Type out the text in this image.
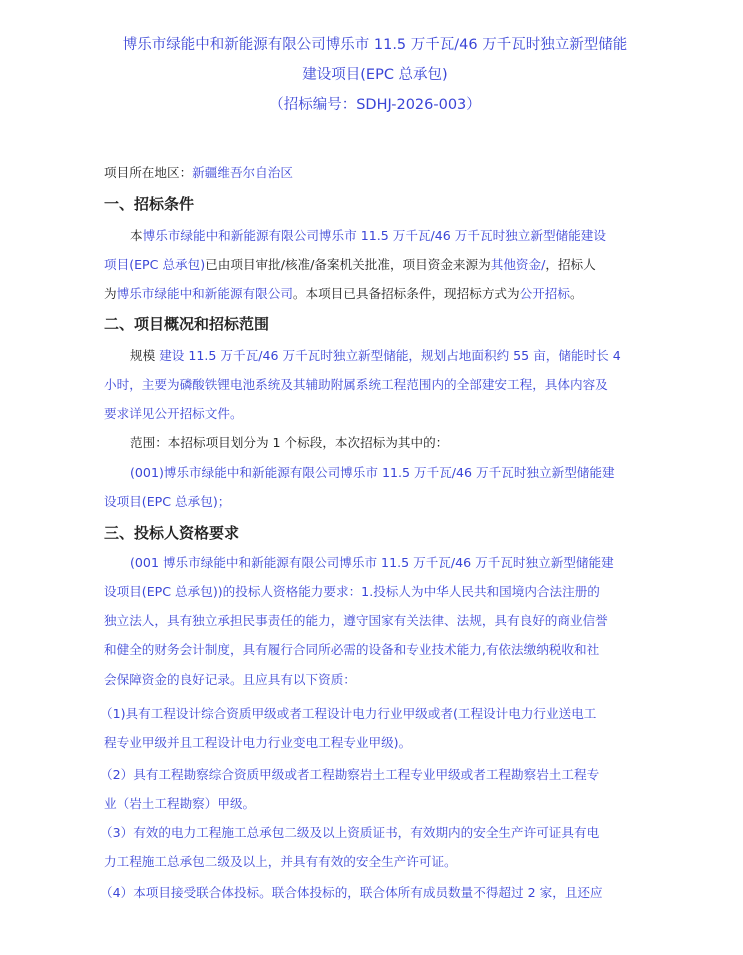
博乐市绿能中和新能源有限公司博乐市 11.5 万千瓦/46 万千瓦时独立新型储能
建设项目(EPC 总承包)
（招标编号：SDHJ-2026-003）
项目所在地区：新疆维吾尔自治区
一、招标条件
本博乐市绿能中和新能源有限公司博乐市 11.5 万千瓦/46 万千瓦时独立新型储能建设
项目(EPC 总承包)已由项目审批/核准/备案机关批准，项目资金来源为其他资金/，招标人
为博乐市绿能中和新能源有限公司。本项目已具备招标条件，现招标方式为公开招标。
二、项目概况和招标范围
规模 建设 11.5 万千瓦/46 万千瓦时独立新型储能，规划占地面积约 55 亩，储能时长 4
小时，主要为磷酸铁锂电池系统及其辅助附属系统工程范围内的全部建安工程，具体内容及
要求详见公开招标文件。
范围：本招标项目划分为 1 个标段，本次招标为其中的：
(001)博乐市绿能中和新能源有限公司博乐市 11.5 万千瓦/46 万千瓦时独立新型储能建
设项目(EPC 总承包)；
三、投标人资格要求
(001 博乐市绿能中和新能源有限公司博乐市 11.5 万千瓦/46 万千瓦时独立新型储能建
设项目(EPC 总承包))的投标人资格能力要求：1.投标人为中华人民共和国境内合法注册的
独立法人，具有独立承担民事责任的能力，遵守国家有关法律、法规，具有良好的商业信誉
和健全的财务会计制度，具有履行合同所必需的设备和专业技术能力,有依法缴纳税收和社
会保障资金的良好记录。且应具有以下资质：
（1)具有工程设计综合资质甲级或者工程设计电力行业甲级或者(工程设计电力行业送电工
程专业甲级并且工程设计电力行业变电工程专业甲级)。
（2）具有工程勘察综合资质甲级或者工程勘察岩土工程专业甲级或者工程勘察岩土工程专
业（岩土工程勘察）甲级。
（3）有效的电力工程施工总承包二级及以上资质证书，有效期内的安全生产许可证具有电
力工程施工总承包二级及以上，并具有有效的安全生产许可证。
（4）本项目接受联合体投标。联合体投标的，联合体所有成员数量不得超过 2 家，且还应
